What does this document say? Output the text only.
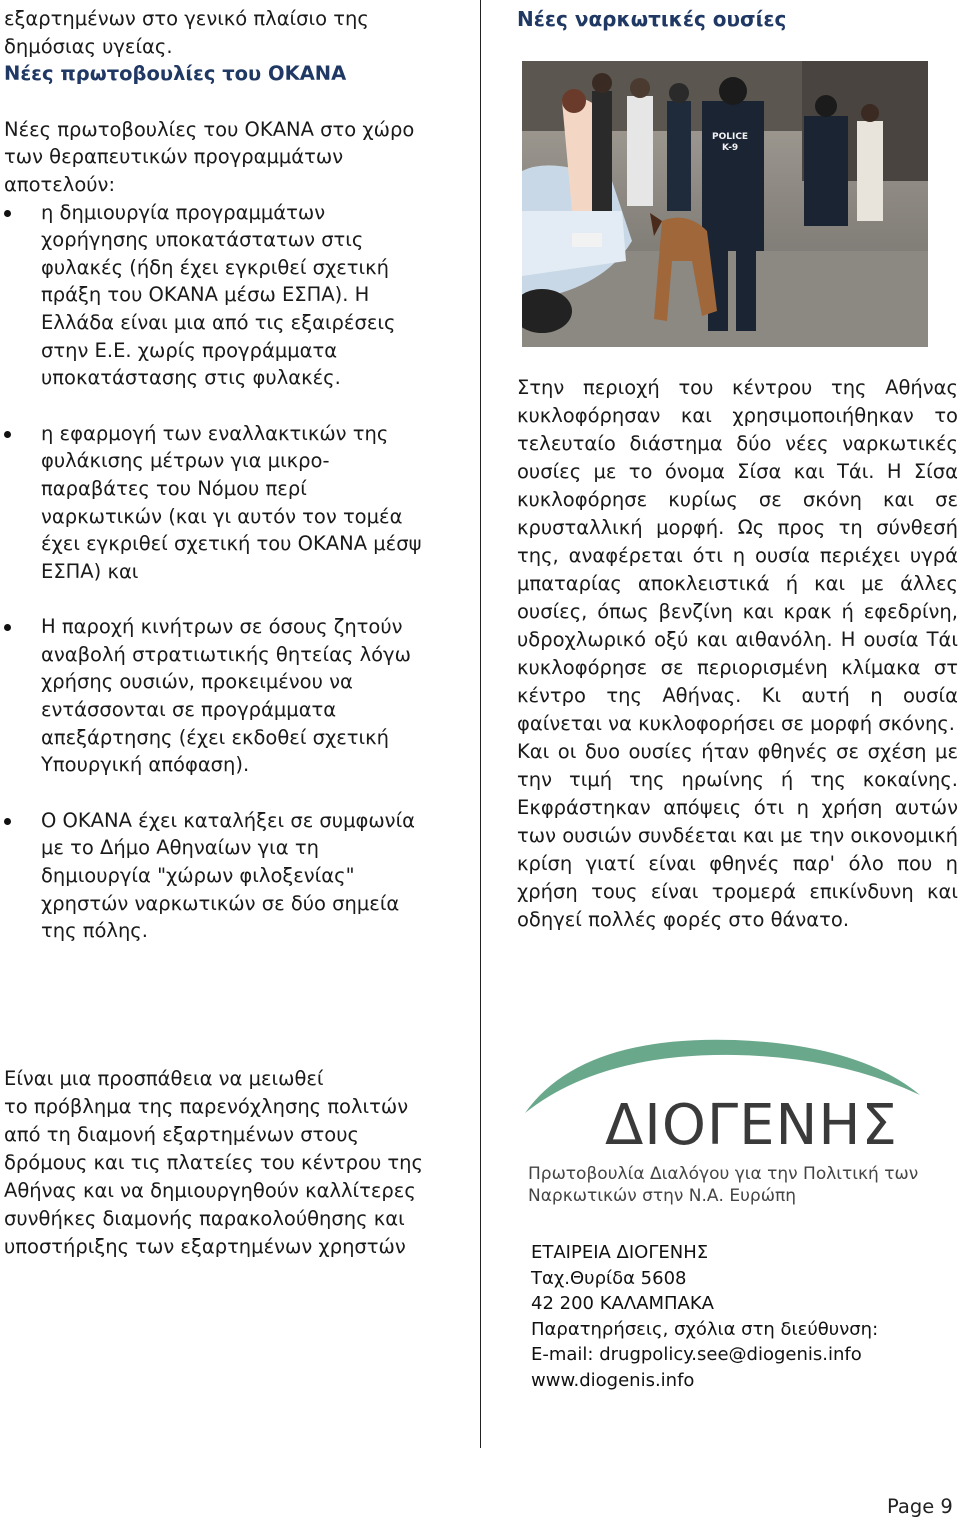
εξαρτημένων στο γενικό πλαίσιο της
δημόσιας υγείας.

Νέες πρωτοβουλίες του ΟΚΑΝΑ

Νέες πρωτοβουλίες του ΟΚΑΝΑ στο χώρο
των θεραπευτικών προγραμμάτων
αποτελούν:

η δημιουργία προγραμμάτων
χορήγησης υποκατάστατων στις
φυλακές (ήδη έχει εγκριθεί σχετική
πράξη του ΟΚΑΝΑ μέσω ΕΣΠΑ). Η
Ελλάδα είναι μια από τις εξαιρέσεις
στην Ε.Ε. χωρίς προγράμματα
υποκατάστασης στις φυλακές.
η εφαρμογή των εναλλακτικών της
φυλάκισης μέτρων για μικρο-
παραβάτες του Νόμου περί
ναρκωτικών (και γι αυτόν τον τομέα
έχει εγκριθεί σχετική του ΟΚΑΝΑ μέσψ
ΕΣΠΑ) και
Η παροχή κινήτρων σε όσους ζητούν
αναβολή στρατιωτικής θητείας λόγω
χρήσης ουσιών, προκειμένου να
εντάσσονται σε προγράμματα
απεξάρτησης (έχει εκδοθεί σχετική
Υπουργική απόφαση).
Ο ΟΚΑΝΑ έχει καταλήξει σε συμφωνία
με το Δήμο Αθηναίων για τη
δημιουργία "χώρων φιλοξενίας"
χρηστών ναρκωτικών σε δύο σημεία
της πόλης.
Είναι μια προσπάθεια να μειωθεί
το πρόβλημα της παρενόχλησης πολιτών
από τη διαμονή εξαρτημένων στους
δρόμους και τις πλατείες του κέντρου της
Αθήνας και να δημιουργηθούν καλλίτερες
συνθήκες διαμονής παρακολούθησης και
υποστήριξης των εξαρτημένων χρηστών

Νέες ναρκωτικές ουσίες

POLICE
K-9

Στην περιοχή του κέντρου της Αθήνας κυκλοφόρησαν και χρησιμοποιήθηκαν το τελευταίο διάστημα δύο νέες ναρκωτικές ουσίες με το όνομα Σίσα και Τάι. Η Σίσα κυκλοφόρησε κυρίως σε σκόνη και σε κρυσταλλική μορφή. Ως προς τη σύνθεσή της, αναφέρεται ότι η ουσία περιέχει υγρά μπαταρίας αποκλειστικά ή και με άλλες ουσίες, όπως βενζίνη και κρακ ή εφεδρίνη, υδροχλωρικό οξύ και αιθανόλη. Η ουσία Τάι κυκλοφόρησε σε περιορισμένη κλίμακα στ κέντρο της Αθήνας. Κι αυτή η ουσία φαίνεται να κυκλοφορήσει σε μορφή σκόνης.

Και οι δυο ουσίες ήταν φθηνές σε σχέση με την τιμή της ηρωίνης ή της κοκαίνης. Εκφράστηκαν απόψεις ότι η χρήση αυτών των ουσιών συνδέεται και με την οικονομική κρίση γιατί είναι φθηνές παρ' όλο που η χρήση τους είναι τρομερά επικίνδυνη και οδηγεί πολλές φορές στο θάνατο.

ΔΙΟΓΕΝΗΣ
Πρωτοβουλία Διαλόγου για την Πολιτική των
Ναρκωτικών στην Ν.Α. Ευρώπη
ΕΤΑΙΡΕΙΑ ΔΙΟΓΕΝΗΣ
Ταχ.Θυρίδα 5608
42 200 ΚΑΛΑΜΠΑΚΑ
Παρατηρήσεις, σχόλια στη διεύθυνση:
E-mail: drugpolicy.see@diogenis.info
www.diogenis.info
Page 9
